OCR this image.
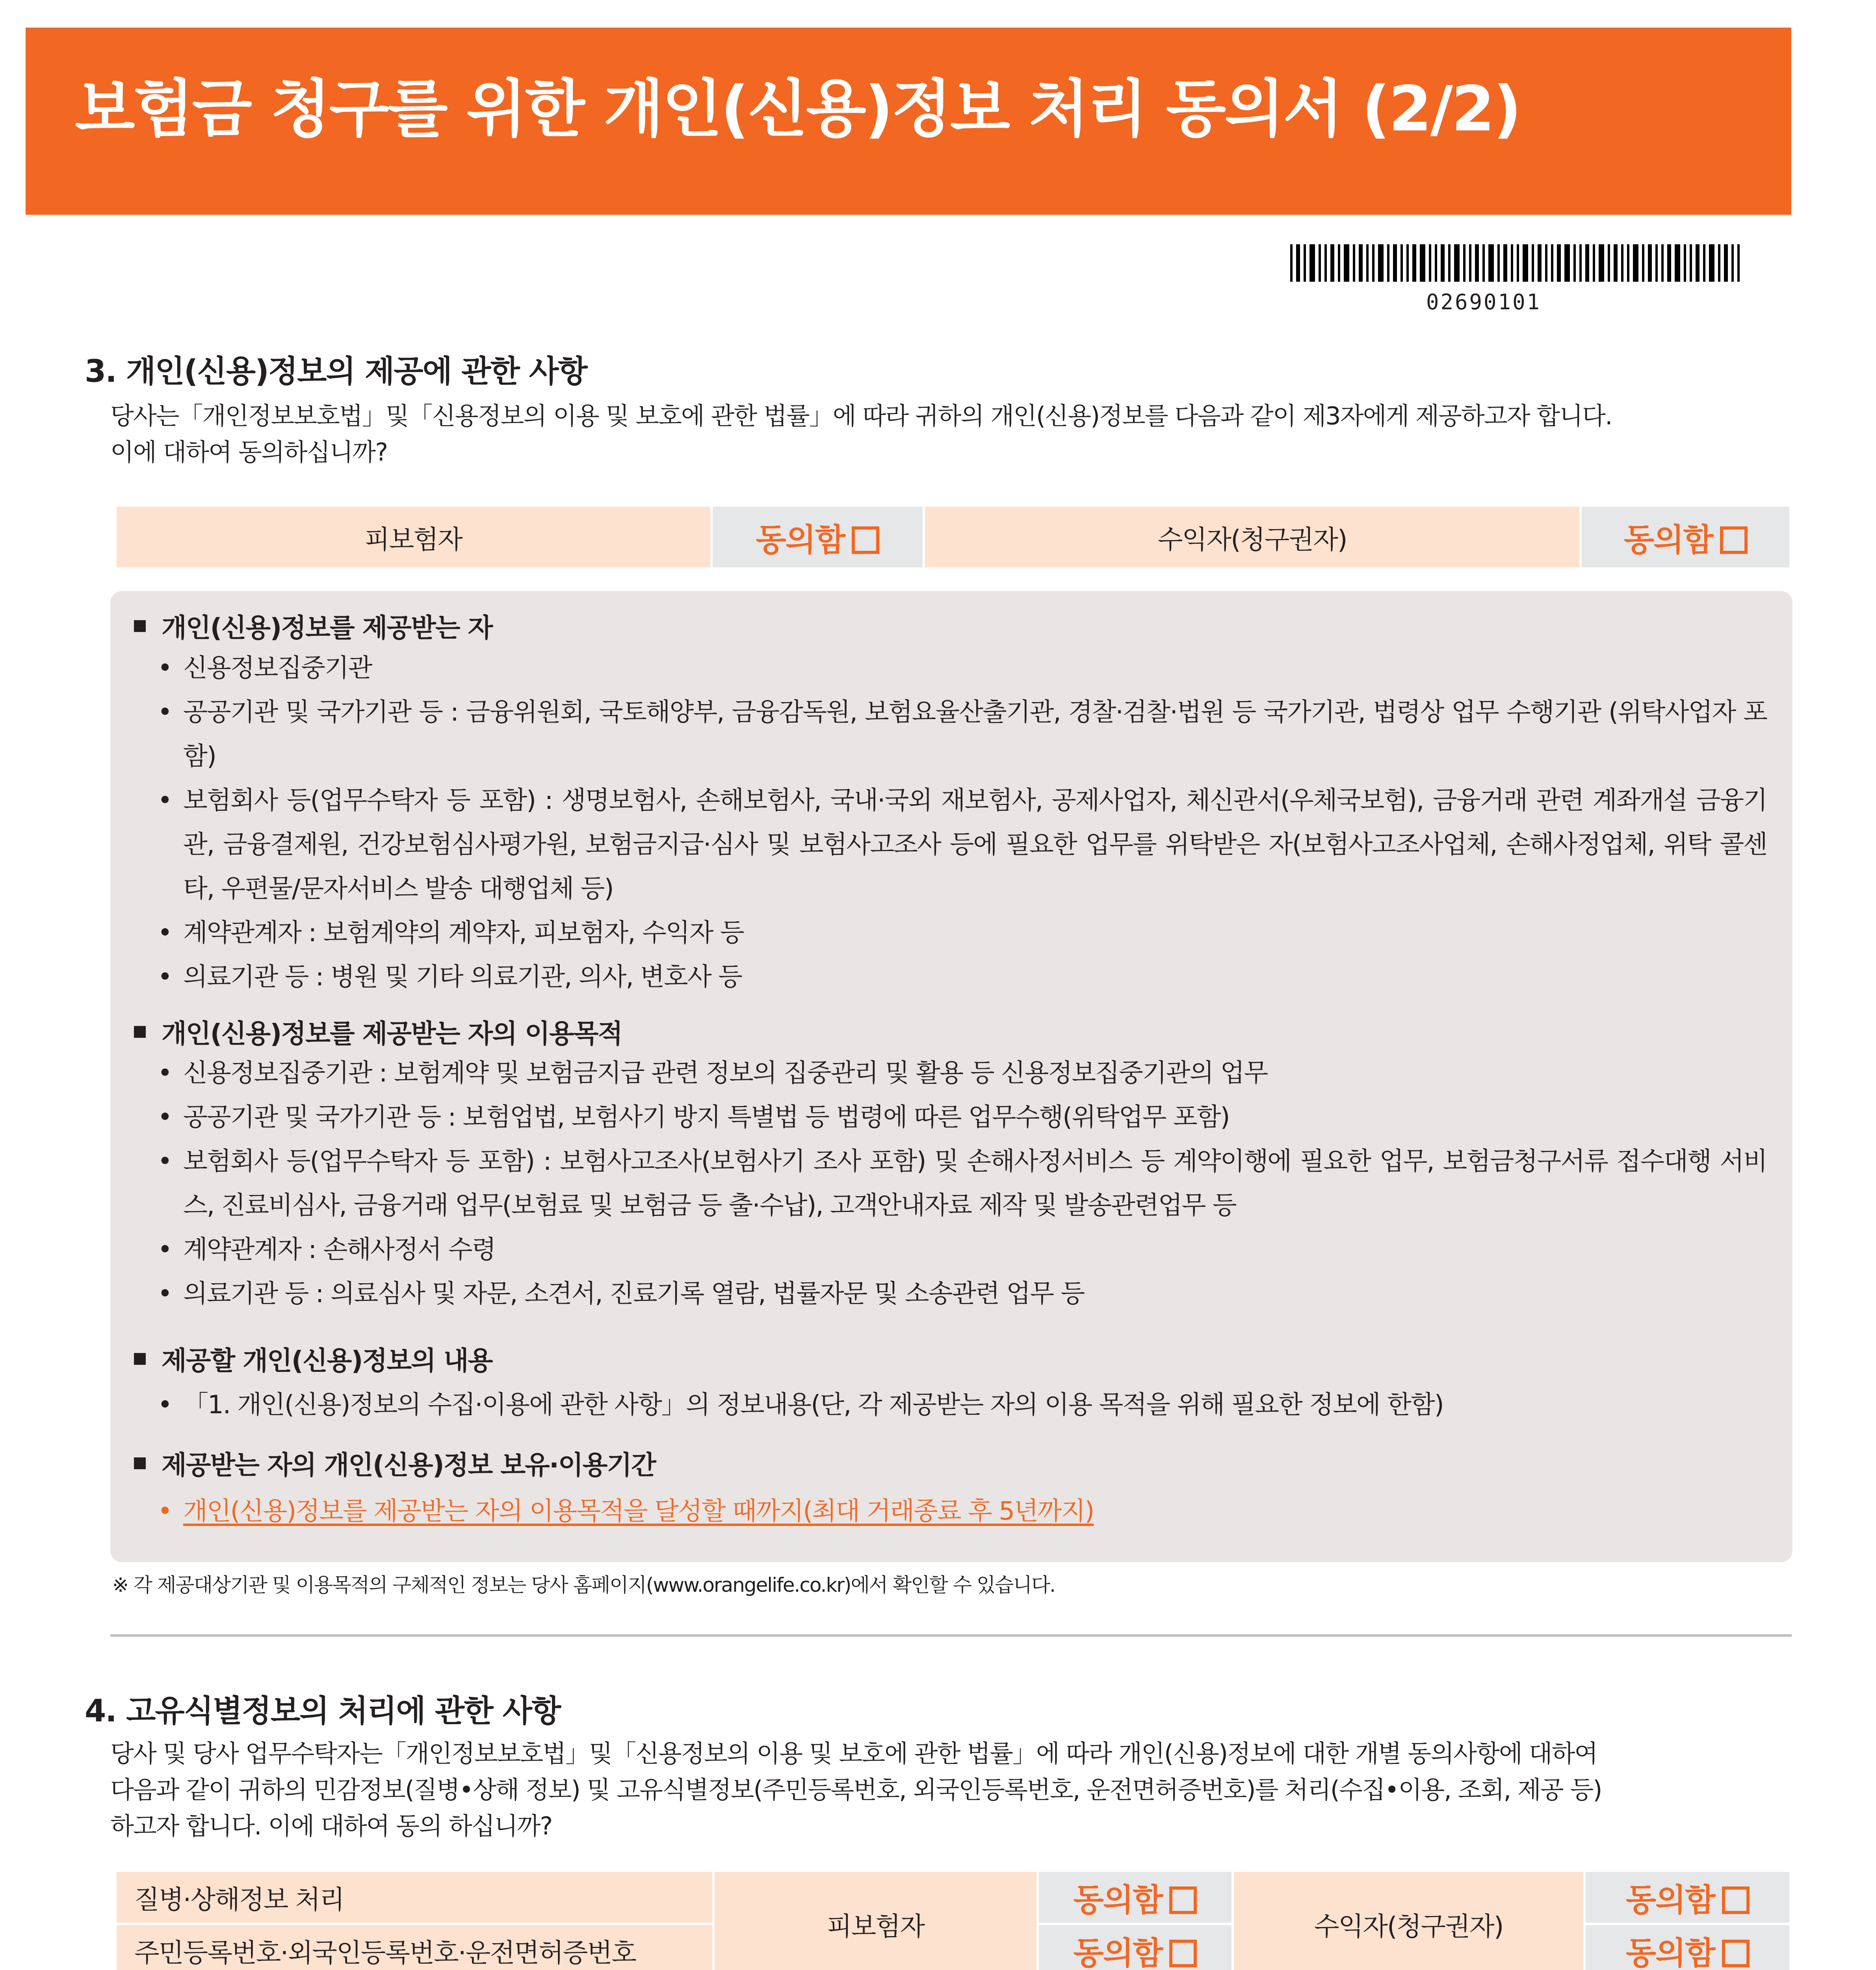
보험금 청구를 위한 개인(신용)정보 처리 동의서 (2/2)
02690101
3. 개인(신용)정보의 제공에 관한 사항
당사는「개인정보보호법」및「신용정보의 이용 및 보호에 관한 법률」에 따라 귀하의 개인(신용)정보를 다음과 같이 제3자에게 제공하고자 합니다.
이에 대하여 동의하십니까?
피보험자	동의함	수익자(청구권자)	동의함
개인(신용)정보를 제공받는 자
• 신용정보집중기관
• 공공기관 및 국가기관 등 : 금융위원회, 국토해양부, 금융감독원, 보험요율산출기관, 경찰·검찰·법원 등 국가기관, 법령상 업무 수행기관 (위탁사업자 포함)
• 보험회사 등(업무수탁자 등 포함) : 생명보험사, 손해보험사, 국내·국외 재보험사, 공제사업자, 체신관서(우체국보험), 금융거래 관련 계좌개설 금융기관, 금융결제원, 건강보험심사평가원, 보험금지급·심사 및 보험사고조사 등에 필요한 업무를 위탁받은 자(보험사고조사업체, 손해사정업체, 위탁 콜센타, 우편물/문자서비스 발송 대행업체 등)
• 계약관계자 : 보험계약의 계약자, 피보험자, 수익자 등
• 의료기관 등 : 병원 및 기타 의료기관, 의사, 변호사 등
개인(신용)정보를 제공받는 자의 이용목적
• 신용정보집중기관 : 보험계약 및 보험금지급 관련 정보의 집중관리 및 활용 등 신용정보집중기관의 업무
• 공공기관 및 국가기관 등 : 보험업법, 보험사기 방지 특별법 등 법령에 따른 업무수행(위탁업무 포함)
• 보험회사 등(업무수탁자 등 포함) : 보험사고조사(보험사기 조사 포함) 및 손해사정서비스 등 계약이행에 필요한 업무, 보험금청구서류 접수대행 서비스, 진료비심사, 금융거래 업무(보험료 및 보험금 등 출·수납), 고객안내자료 제작 및 발송관련업무 등
• 계약관계자 : 손해사정서 수령
• 의료기관 등 : 의료심사 및 자문, 소견서, 진료기록 열람, 법률자문 및 소송관련 업무 등
제공할 개인(신용)정보의 내용
• 「1. 개인(신용)정보의 수집·이용에 관한 사항」의 정보내용(단, 각 제공받는 자의 이용 목적을 위해 필요한 정보에 한함)
제공받는 자의 개인(신용)정보 보유·이용기간
• 개인(신용)정보를 제공받는 자의 이용목적을 달성할 때까지(최대 거래종료 후 5년까지)
※ 각 제공대상기관 및 이용목적의 구체적인 정보는 당사 홈페이지(www.orangelife.co.kr)에서 확인할 수 있습니다.
4. 고유식별정보의 처리에 관한 사항
당사 및 당사 업무수탁자는「개인정보보호법」및「신용정보의 이용 및 보호에 관한 법률」에 따라 개인(신용)정보에 대한 개별 동의사항에 대하여
다음과 같이 귀하의 민감정보(질병•상해 정보) 및 고유식별정보(주민등록번호, 외국인등록번호, 운전면허증번호)를 처리(수집•이용, 조회, 제공 등)
하고자 합니다. 이에 대하여 동의 하십니까?
질병·상해정보 처리	피보험자	동의함	수익자(청구권자)	동의함
주민등록번호·외국인등록번호·운전면허증번호		동의함		동의함
